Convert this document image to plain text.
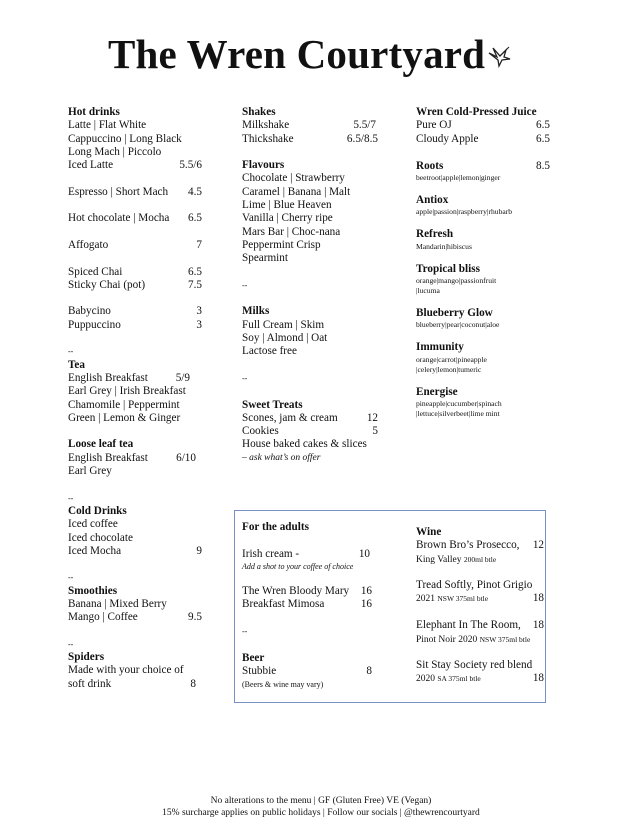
The Wren Courtyard
Hot drinks
Latte | Flat White
Cappuccino | Long Black
Long Mach | Piccolo
Iced Latte	5.5/6
Espresso | Short Mach 4.5
Hot chocolate | Mocha 6.5
Affogato	7
Spiced Chai	6.5
Sticky Chai (pot)	7.5
Babycino	3
Puppuccino	3
--
Tea
English Breakfast 5/9
Earl Grey | Irish Breakfast
Chamomile | Peppermint
Green | Lemon & Ginger
Loose leaf tea
English Breakfast	6/10
Earl Grey
--
Cold Drinks
Iced coffee
Iced chocolate
Iced Mocha	9
--
Smoothies
Banana | Mixed Berry
Mango | Coffee	9.5
--
Spiders
Made with your choice of
soft drink	8
Shakes
Milkshake	5.5/7
Thickshake	6.5/8.5
Flavours
Chocolate | Strawberry
Caramel | Banana | Malt
Lime | Blue Heaven
Vanilla | Cherry ripe
Mars Bar | Choc-nana
Peppermint Crisp
Spearmint
--
Milks
Full Cream | Skim
Soy | Almond | Oat
Lactose free
--
Sweet Treats
Scones, jam & cream	12
Cookies	5
House baked cakes & slices
– ask what’s on offer
Wren Cold-Pressed Juice
Pure OJ	6.5
Cloudy Apple	6.5
Roots	8.5
beetroot|apple|lemon|ginger
Antiox
apple|passion|raspberry|rhubarb
Refresh
Mandarin|hibiscus
Tropical bliss
orange|mango|passionfruit
|lucuma
Blueberry Glow
blueberry|pear|coconut|aloe
Immunity
orange|carrot|pineapple
|celery|lemon|tumeric
Energise
pineapple|cucumber|spinach
|lettuce|silverbeet|lime mint
For the adults
Irish cream -	10
Add a shot to your coffee of choice
The Wren Bloody Mary 16
Breakfast Mimosa	16
--
Beer
Stubbie	8
(Beers & wine may vary)
Wine
Brown Bro’s Prosecco, 12
King Valley 200ml btle
Tread Softly, Pinot Grigio
2021 NSW 375ml btle	18
Elephant In The Room, 18
Pinot Noir 2020 NSW 375ml btle
Sit Stay Society red blend
2020 SA 375ml btle	18
No alterations to the menu | GF (Gluten Free) VE (Vegan)
15% surcharge applies on public holidays | Follow our socials | @thewrencourtyard
